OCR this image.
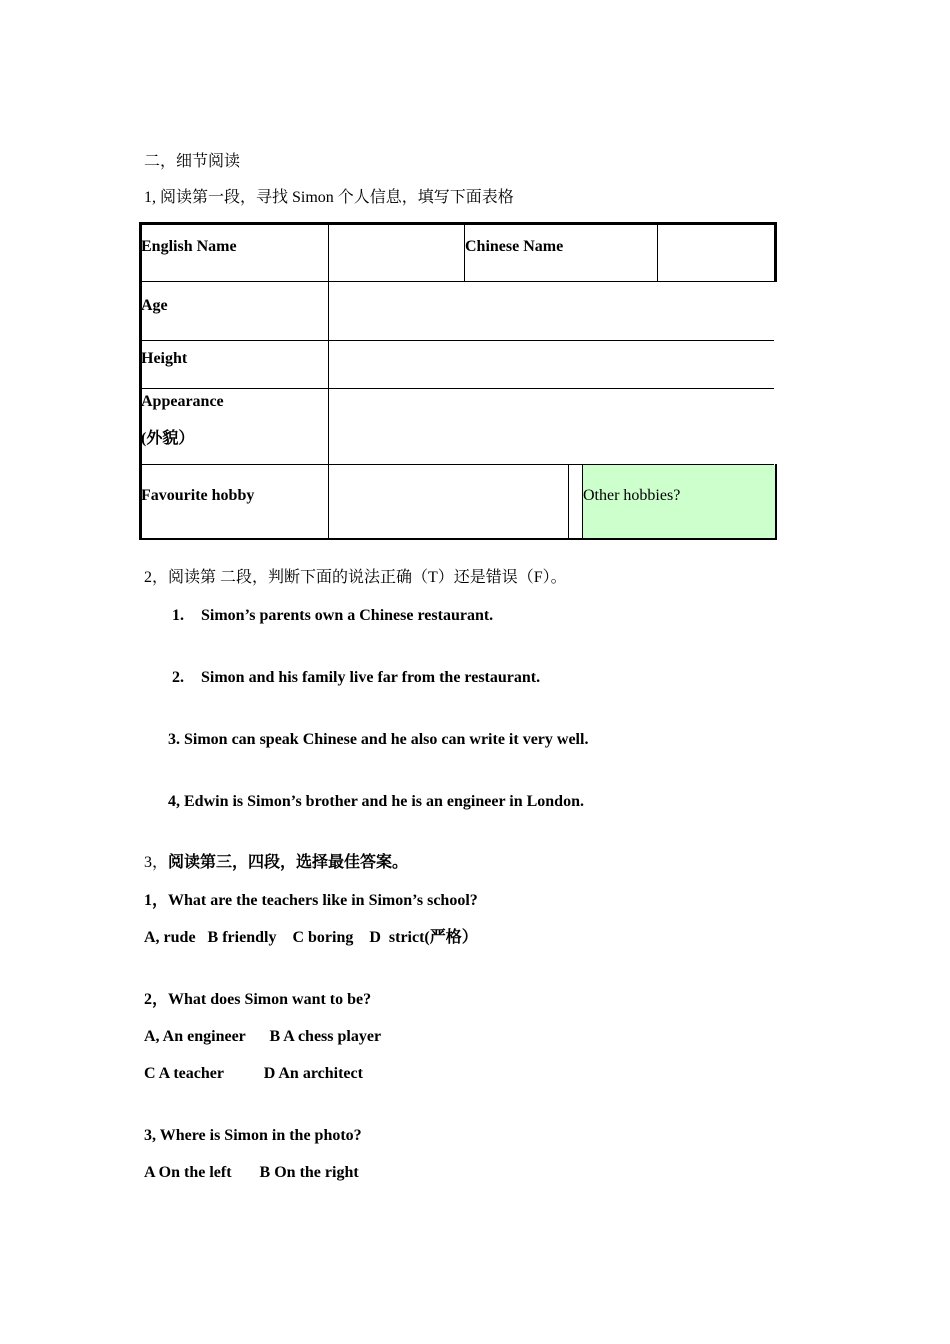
二，细节阅读
1, 阅读第一段，寻找 Simon 个人信息，填写下面表格
English Name	Chinese Name
Age
Height
Appearance
(外貌）
Favourite hobby	Other hobbies?
2，阅读第 二段，判断下面的说法正确（T）还是错误（F）。
1. Simon’s parents own a Chinese restaurant.
2. Simon and his family live far from the restaurant.
3. Simon can speak Chinese and he also can write it very well.
4, Edwin is Simon’s brother and he is an engineer in London.
3，阅读第三，四段，选择最佳答案。
1，What are the teachers like in Simon’s school?
A, rude   B friendly    C boring    D  strict(严格）
2，What does Simon want to be?
A, An engineer      B A chess player
C A teacher          D An architect
3, Where is Simon in the photo?
A On the left       B On the right
